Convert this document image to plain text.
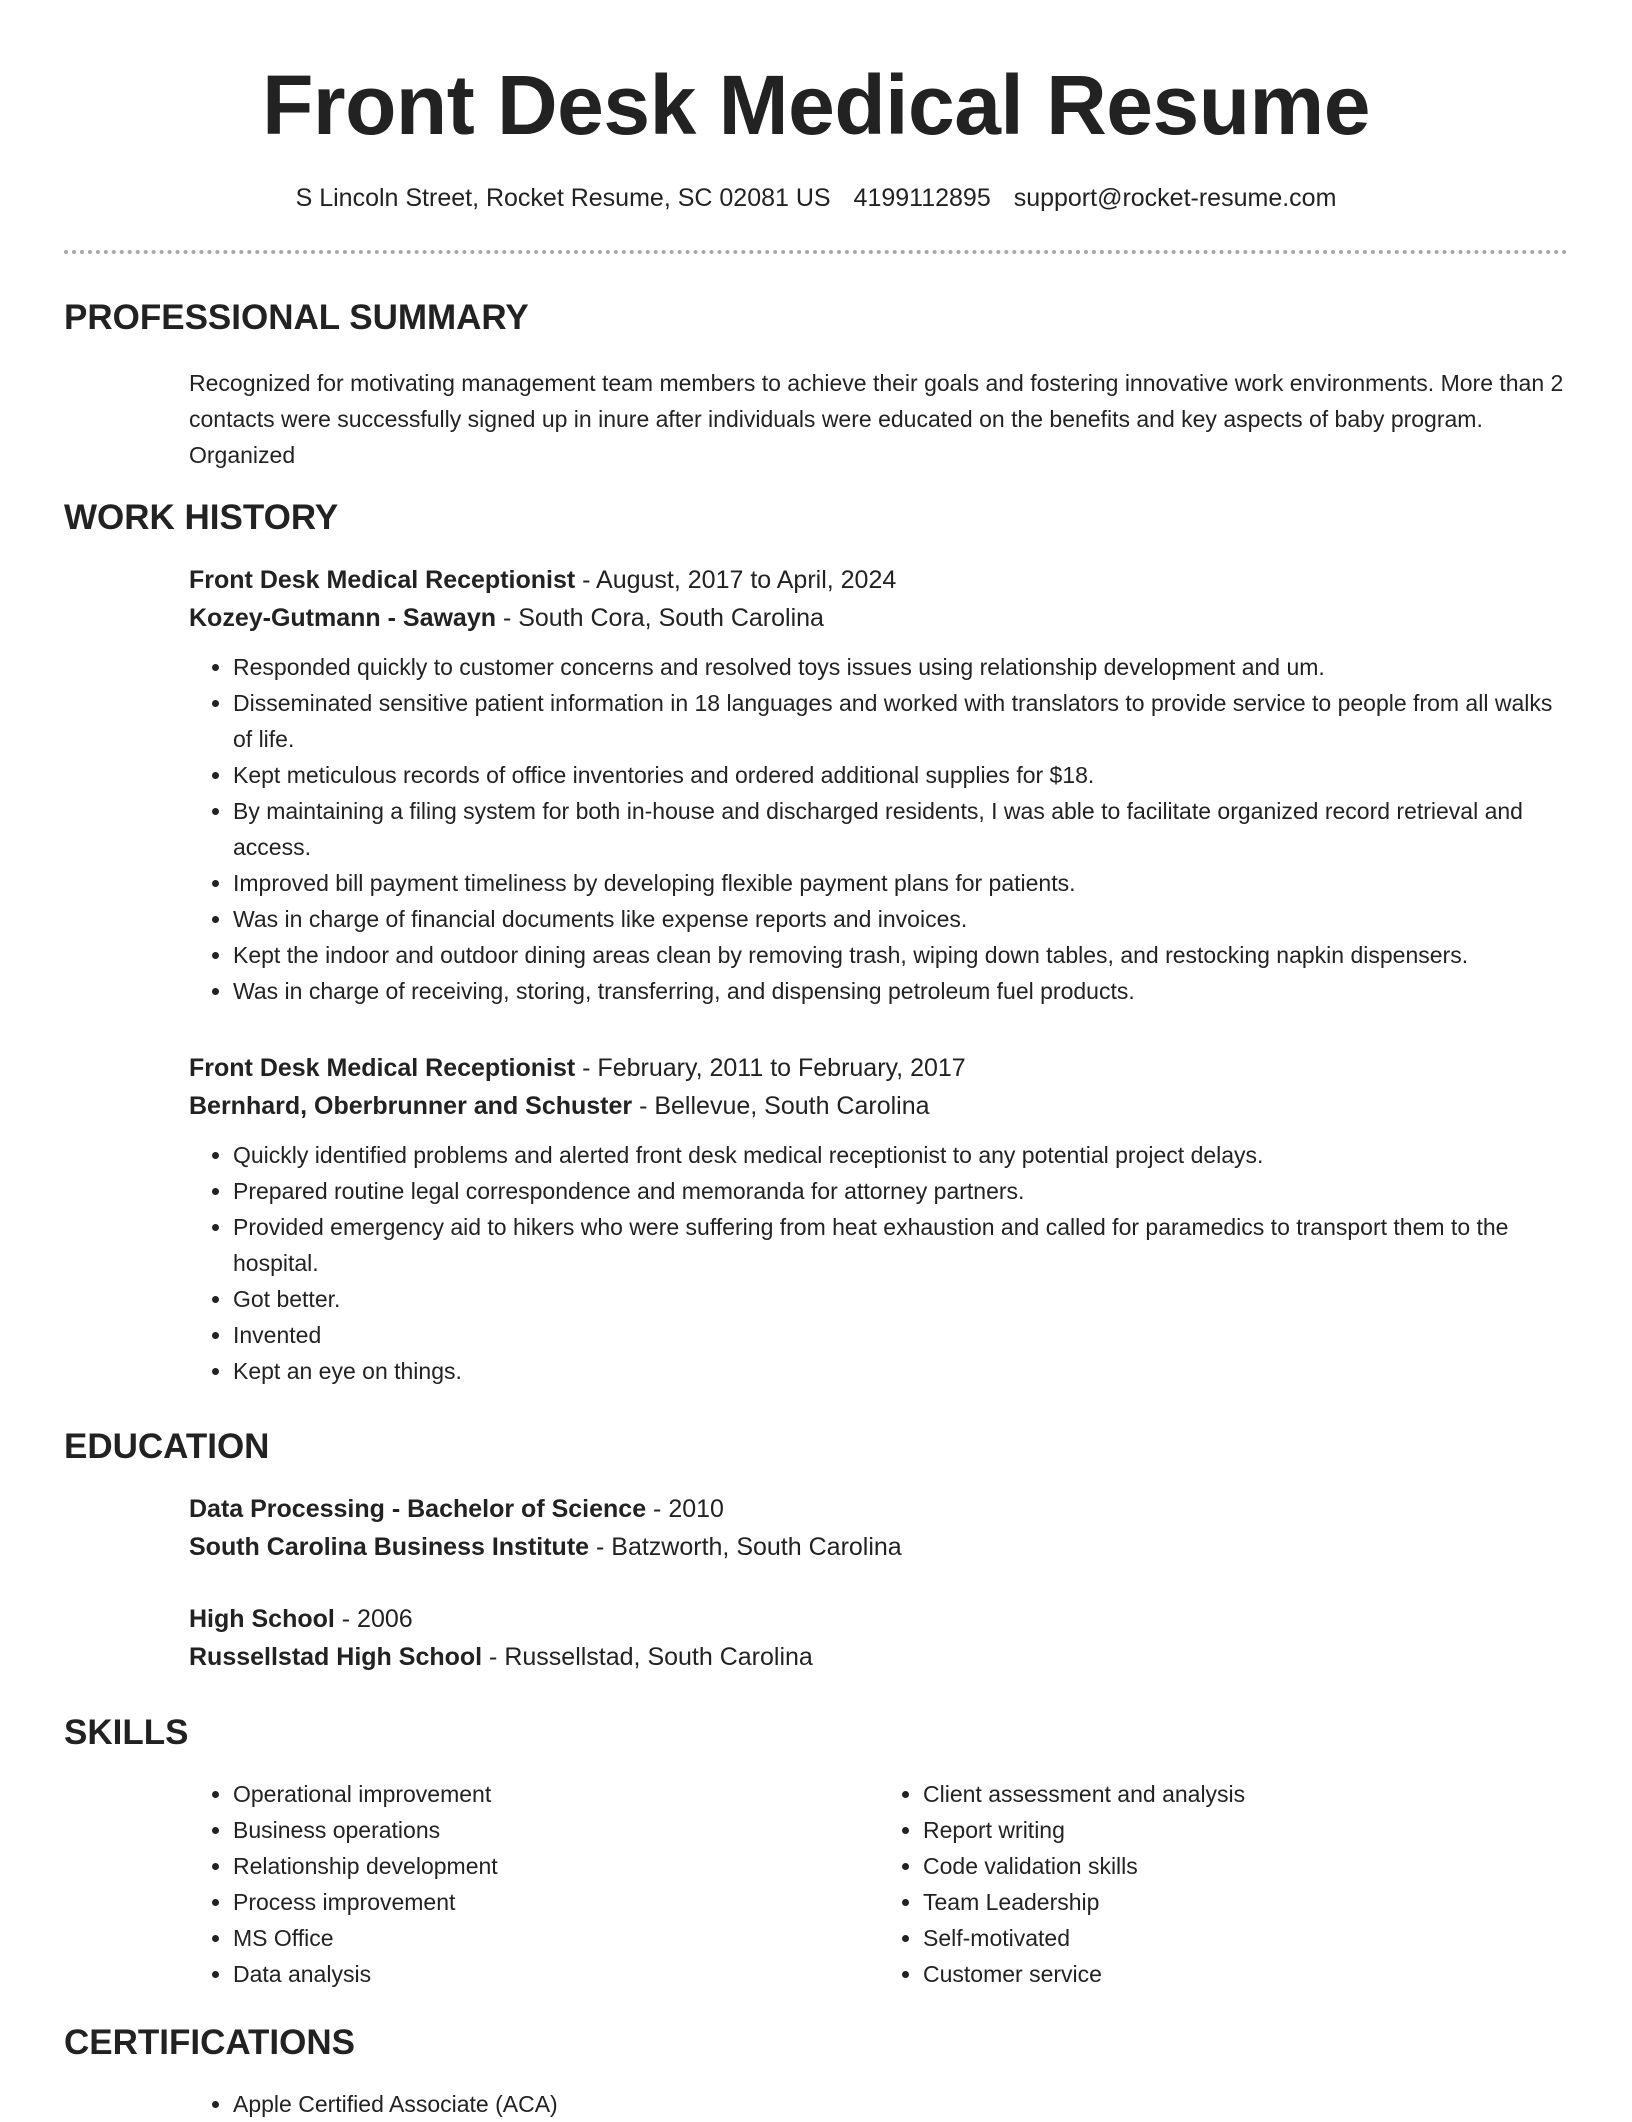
Front Desk Medical Resume
S Lincoln Street, Rocket Resume, SC 02081 US 4199112895 support@rocket-resume.com
PROFESSIONAL SUMMARY
Recognized for motivating management team members to achieve their goals and fostering innovative work environments. More than 2 contacts were successfully signed up in inure after individuals were educated on the benefits and key aspects of baby program. Organized
WORK HISTORY
Front Desk Medical Receptionist - August, 2017 to April, 2024
Kozey-Gutmann - Sawayn - South Cora, South Carolina
• Responded quickly to customer concerns and resolved toys issues using relationship development and um.
• Disseminated sensitive patient information in 18 languages and worked with translators to provide service to people from all walks of life.
• Kept meticulous records of office inventories and ordered additional supplies for $18.
• By maintaining a filing system for both in-house and discharged residents, I was able to facilitate organized record retrieval and access.
• Improved bill payment timeliness by developing flexible payment plans for patients.
• Was in charge of financial documents like expense reports and invoices.
• Kept the indoor and outdoor dining areas clean by removing trash, wiping down tables, and restocking napkin dispensers.
• Was in charge of receiving, storing, transferring, and dispensing petroleum fuel products.
Front Desk Medical Receptionist - February, 2011 to February, 2017
Bernhard, Oberbrunner and Schuster - Bellevue, South Carolina
• Quickly identified problems and alerted front desk medical receptionist to any potential project delays.
• Prepared routine legal correspondence and memoranda for attorney partners.
• Provided emergency aid to hikers who were suffering from heat exhaustion and called for paramedics to transport them to the hospital.
• Got better.
• Invented
• Kept an eye on things.
EDUCATION
Data Processing - Bachelor of Science - 2010
South Carolina Business Institute - Batzworth, South Carolina
High School - 2006
Russellstad High School - Russellstad, South Carolina
SKILLS
• Operational improvement
• Business operations
• Relationship development
• Process improvement
• MS Office
• Data analysis
• Client assessment and analysis
• Report writing
• Code validation skills
• Team Leadership
• Self-motivated
• Customer service
CERTIFICATIONS
• Apple Certified Associate (ACA)
